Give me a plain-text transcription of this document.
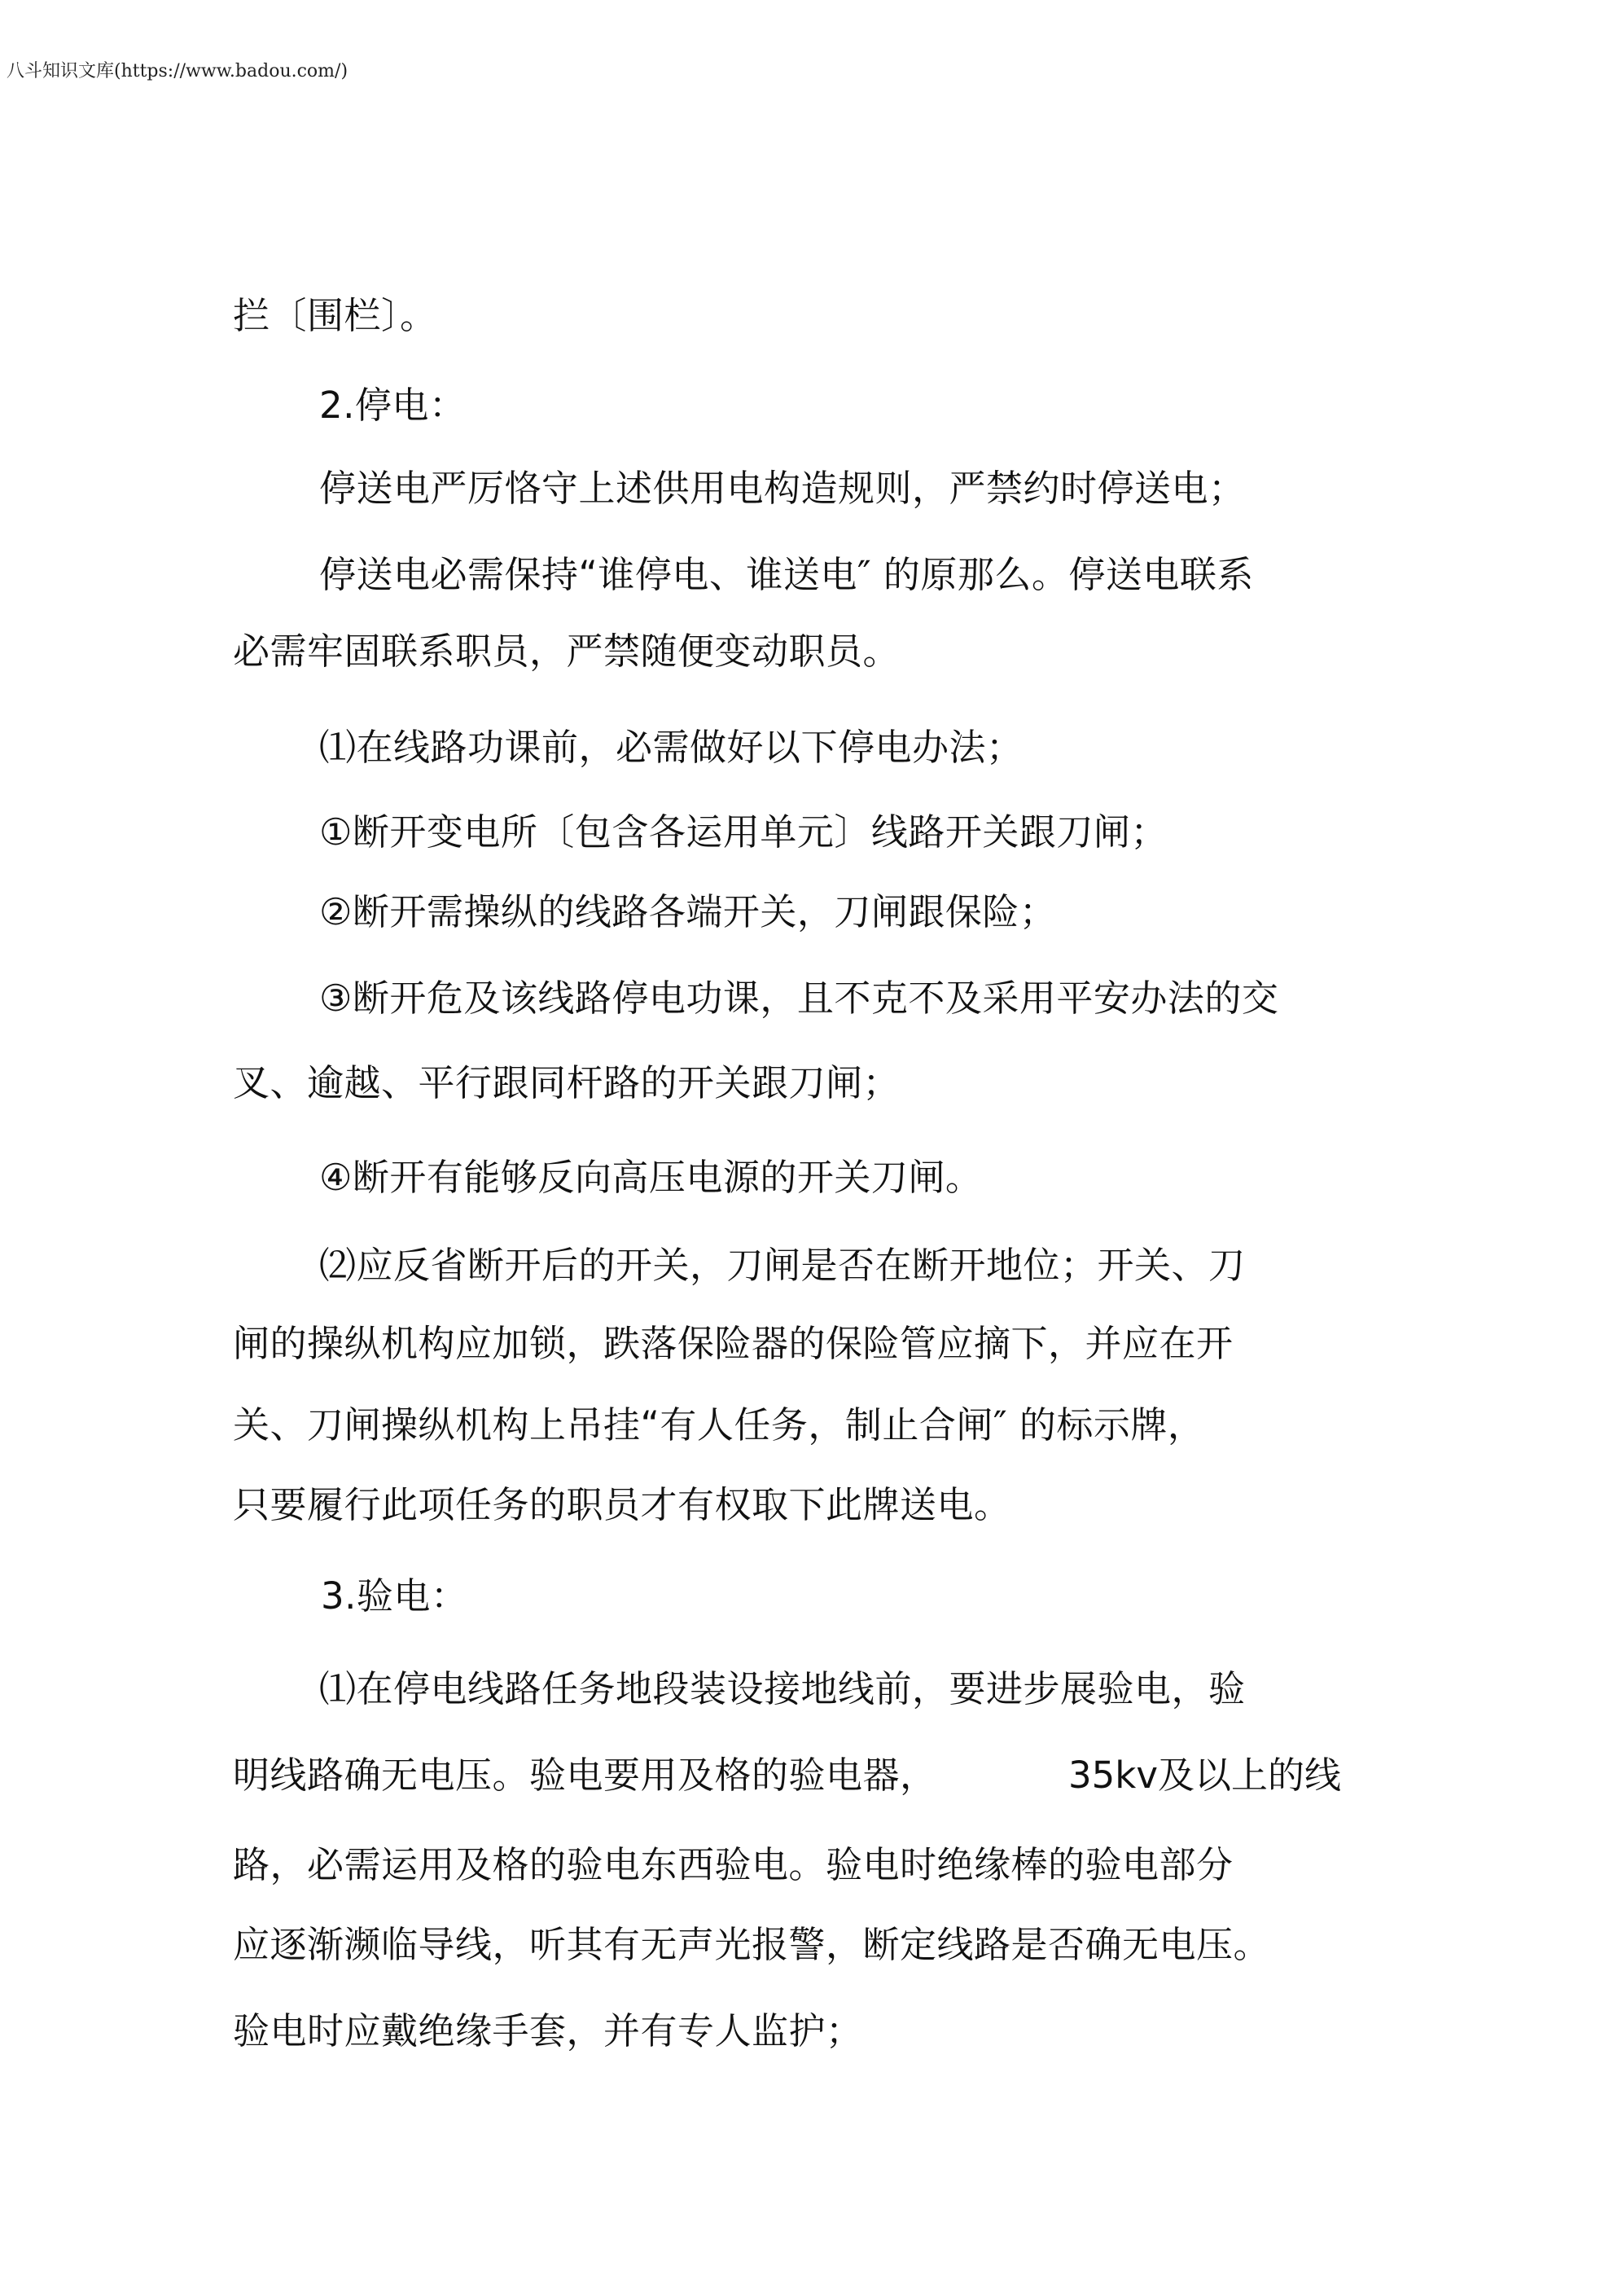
八斗知识文库(https://www.badou.com/)
拦〔围栏〕。
2.停电：
停送电严厉恪守上述供用电构造规则，严禁约时停送电；
停送电必需保持“谁停电、谁送电″ 的原那么。停送电联系
必需牢固联系职员，严禁随便变动职员。
⑴在线路功课前，必需做好以下停电办法；
①断开变电所〔包含各运用单元〕线路开关跟刀闸；
②断开需操纵的线路各端开关，刀闸跟保险；
③断开危及该线路停电功课，且不克不及采用平安办法的交
叉、逾越、平行跟同杆路的开关跟刀闸；
④断开有能够反向高压电源的开关刀闸。
⑵应反省断开后的开关，刀闸是否在断开地位；开关、刀
闸的操纵机构应加锁，跌落保险器的保险管应摘下，并应在开
关、刀闸操纵机构上吊挂“有人任务，制止合闸″ 的标示牌，
只要履行此项任务的职员才有权取下此牌送电。
3.验电：
⑴在停电线路任务地段装设接地线前，要进步展验电，验
明线路确无电压。验电要用及格的验电器，	35kv及以上的线
路，必需运用及格的验电东西验电。验电时绝缘棒的验电部分
应逐渐濒临导线，听其有无声光报警，断定线路是否确无电压。
验电时应戴绝缘手套，并有专人监护；
